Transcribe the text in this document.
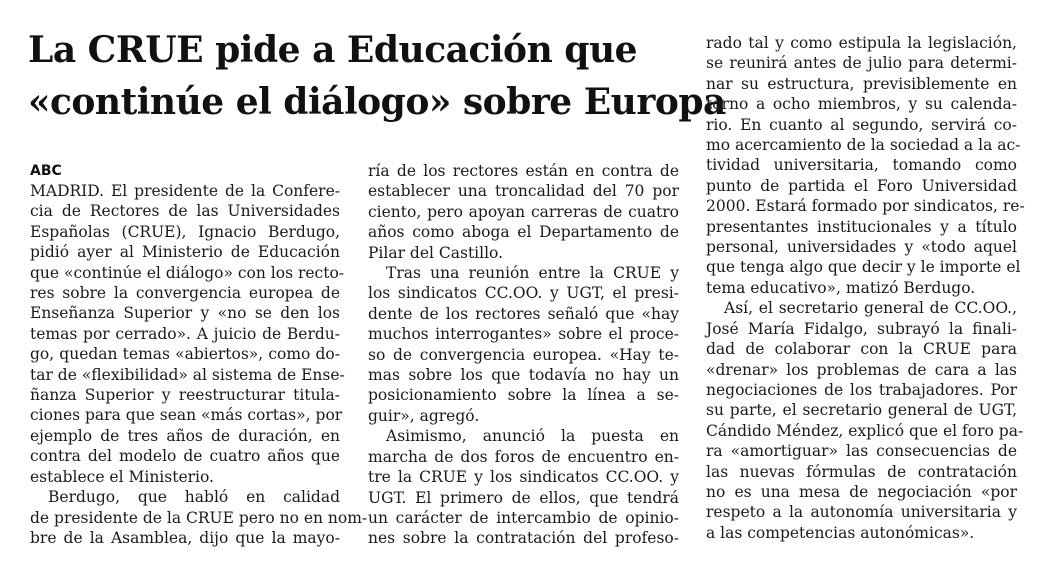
La CRUE pide a Educación que
«continúe el diálogo» sobre Europa
ABC
MADRID. El presidente de la Confere-
cia de Rectores de las Universidades
Españolas (CRUE), Ignacio Berdugo,
pidió ayer al Ministerio de Educación
que «continúe el diálogo» con los recto-
res sobre la convergencia europea de
Enseñanza Superior y «no se den los
temas por cerrado». A juicio de Berdu-
go, quedan temas «abiertos», como do-
tar de «flexibilidad» al sistema de Ense-
ñanza Superior y reestructurar titula-
ciones para que sean «más cortas», por
ejemplo de tres años de duración, en
contra del modelo de cuatro años que
establece el Ministerio.
Berdugo, que habló en calidad
de presidente de la CRUE pero no en nom-
bre de la Asamblea, dijo que la mayo-
ría de los rectores están en contra de
establecer una troncalidad del 70 por
ciento, pero apoyan carreras de cuatro
años como aboga el Departamento de
Pilar del Castillo.
Tras una reunión entre la CRUE y
los sindicatos CC.OO. y UGT, el presi-
dente de los rectores señaló que «hay
muchos interrogantes» sobre el proce-
so de convergencia europea. «Hay te-
mas sobre los que todavía no hay un
posicionamiento sobre la línea a se-
guir», agregó.
Asimismo, anunció la puesta en
marcha de dos foros de encuentro en-
tre la CRUE y los sindicatos CC.OO. y
UGT. El primero de ellos, que tendrá
un carácter de intercambio de opinio-
nes sobre la contratación del profeso-
rado tal y como estipula la legislación,
se reunirá antes de julio para determi-
nar su estructura, previsiblemente en
torno a ocho miembros, y su calenda-
rio. En cuanto al segundo, servirá co-
mo acercamiento de la sociedad a la ac-
tividad universitaria, tomando como
punto de partida el Foro Universidad
2000. Estará formado por sindicatos, re-
presentantes institucionales y a título
personal, universidades y «todo aquel
que tenga algo que decir y le importe el
tema educativo», matizó Berdugo.
Así, el secretario general de CC.OO.,
José María Fidalgo, subrayó la finali-
dad de colaborar con la CRUE para
«drenar» los problemas de cara a las
negociaciones de los trabajadores. Por
su parte, el secretario general de UGT,
Cándido Méndez, explicó que el foro pa-
ra «amortiguar» las consecuencias de
las nuevas fórmulas de contratación
no es una mesa de negociación «por
respeto a la autonomía universitaria y
a las competencias autonómicas».
